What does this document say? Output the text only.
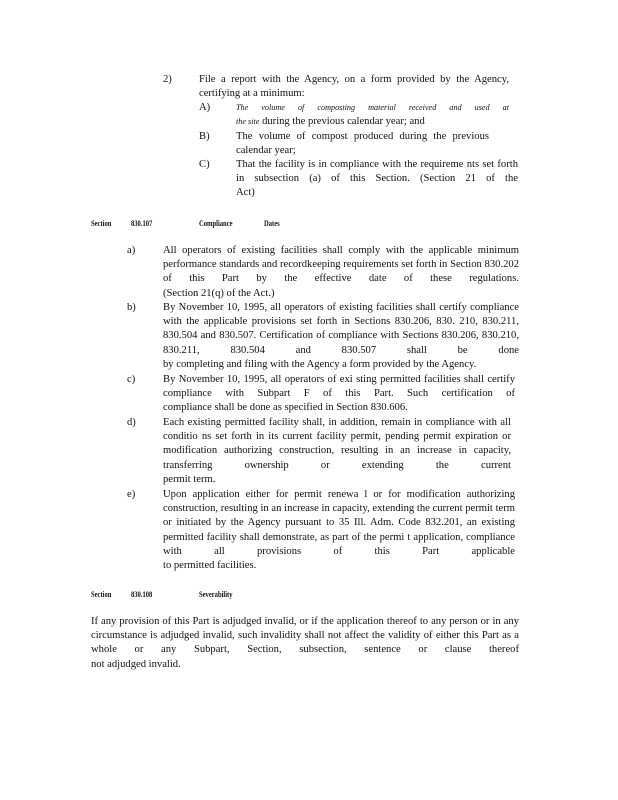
2)	File a report with the Agency, on a form provided by the Agency,
certifying at a minimum:
A)	The volume of composting material received and used at
the site during the previous calendar year; and
B) The volume of compost produced during the previous
calendar year;
C) That the facility is in compliance with the requireme nts set forth in subsection (a) of this Section. (Section 21 of the
Act)
Section 830.107	Compliance	Dates
a)	All operators of existing facilities shall comply with the applicable minimum performance standards and recordkeeping requirements set forth in Section 830.202 of this Part by the effective date of these regulations.
(Section 21(q) of the Act.)
b)	By November 10, 1995, all operators of existing facilities shall certify compliance with the applicable provisions set forth in Sections 830.206, 830. 210, 830.211, 830.504 and 830.507. Certification of compliance with Sections 830.206, 830.210, 830.211, 830.504 and 830.507 shall be done
by completing and filing with the Agency a form provided by the Agency.
c)	By November 10, 1995, all operators of exi sting permitted facilities shall certify compliance with Subpart F of this Part. Such certification of
compliance shall be done as specified in Section 830.606.
d)	Each existing permitted facility shall, in addition, remain in compliance with all conditio ns set forth in its current facility permit, pending permit expiration or modification authorizing construction, resulting in an increase in capacity, transferring ownership or extending the current
permit term.
e)	Upon application either for permit renewa l or for modification authorizing construction, resulting in an increase in capacity, extending the current permit term or initiated by the Agency pursuant to 35 Ill. Adm. Code 832.201, an existing permitted facility shall demonstrate, as part of the permi t application, compliance with all provisions of this Part applicable
to permitted facilities.
Section 830.108	Severability
If any provision of this Part is adjudged invalid, or if the application thereof to any person or in any circumstance is adjudged invalid, such invalidity shall not affect the validity of either this Part as a whole or any Subpart, Section, subsection, sentence or clause thereof
not adjudged invalid.
